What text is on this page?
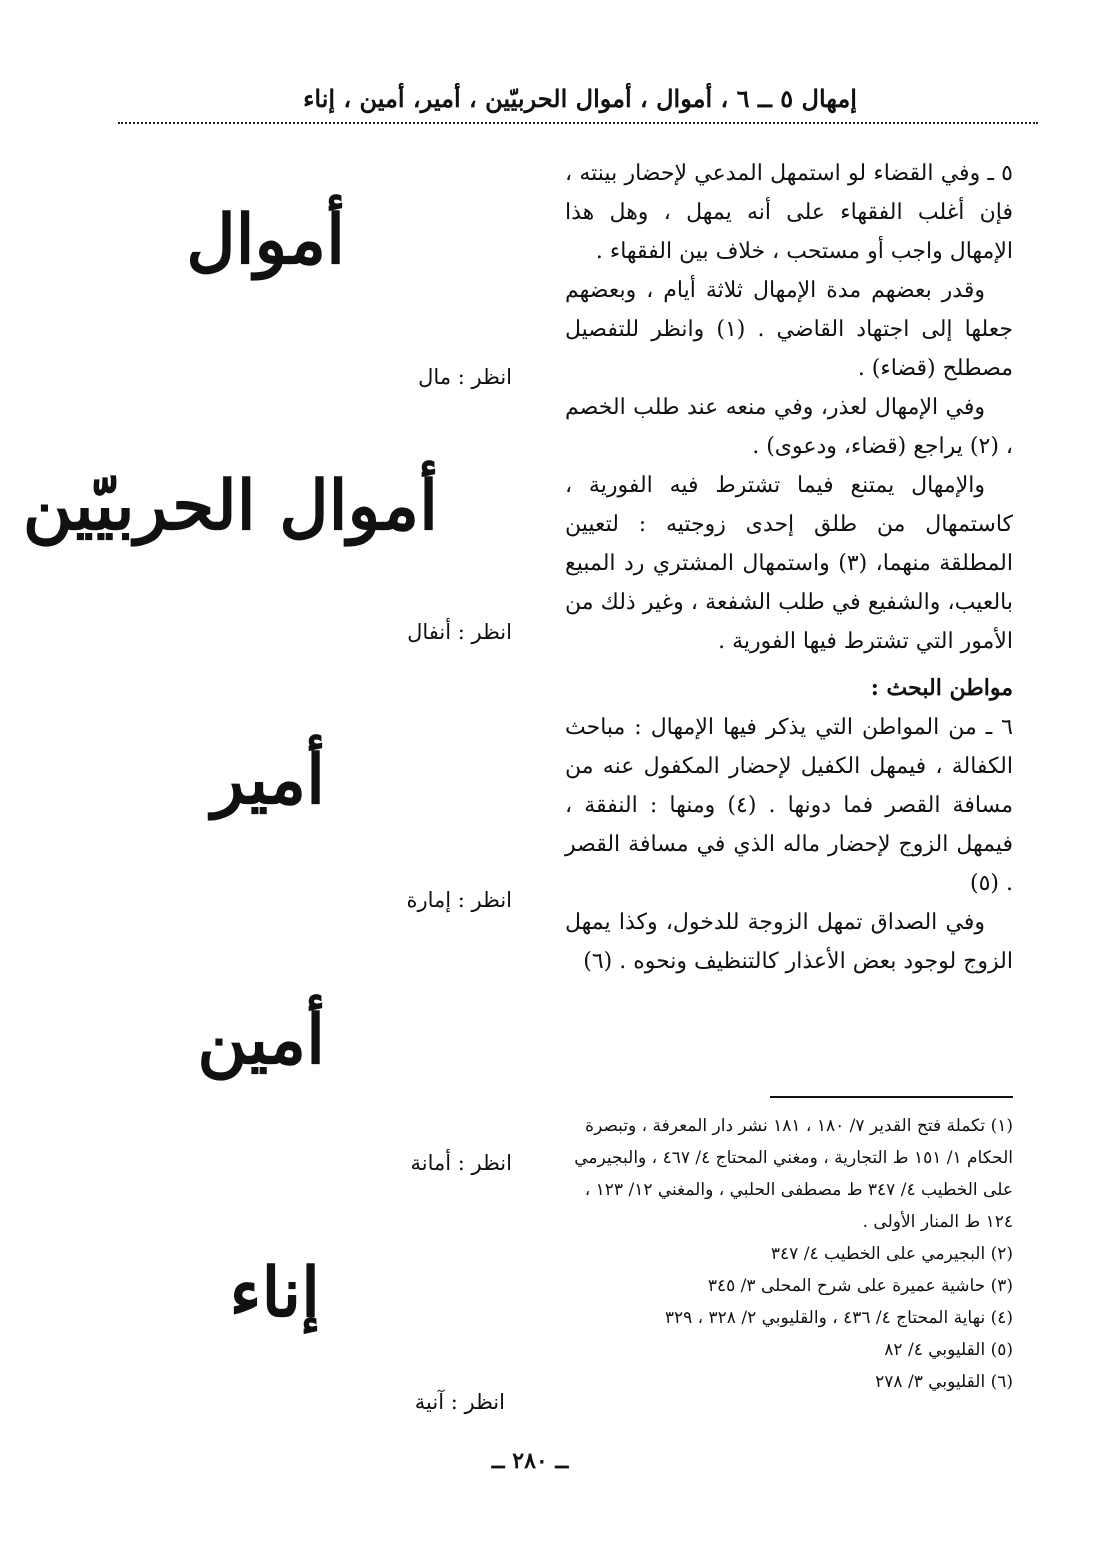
إمهال ٥ ــ ٦ ، أموال ، أموال الحربيّين ، أمير، أمين ، إناء

٥ ـ وفي القضاء لو استمهل المدعي لإحضار بينته ، فإن أغلب الفقهاء على أنه يمهل ، وهل هذا الإمهال واجب أو مستحب ، خلاف بين الفقهاء .

وقدر بعضهم مدة الإمهال ثلاثة أيام ، وبعضهم جعلها إلى اجتهاد القاضي . (١) وانظر للتفصيل مصطلح (قضاء) .

وفي الإمهال لعذر، وفي منعه عند طلب الخصم ، (٢) يراجع (قضاء، ودعوى) .

والإمهال يمتنع فيما تشترط فيه الفورية ، كاستمهال من طلق إحدى زوجتيه : لتعيين المطلقة منهما، (٣) واستمهال المشتري رد المبيع بالعيب، والشفيع في طلب الشفعة ، وغير ذلك من الأمور التي تشترط فيها الفورية .

مواطن البحث :

٦ ـ من المواطن التي يذكر فيها الإمهال : مباحث الكفالة ، فيمهل الكفيل لإحضار المكفول عنه من مسافة القصر فما دونها . (٤) ومنها : النفقة ، فيمهل الزوج لإحضار ماله الذي في مسافة القصر . (٥)

وفي الصداق تمهل الزوجة للدخول، وكذا يمهل الزوج لوجود بعض الأعذار كالتنظيف ونحوه . (٦)

أموال
انظر : مال
أموال الحربيّين
انظر : أنفال
أمير
انظر : إمارة
أمين
انظر : أمانة
إناء
انظر : آنية

(١) تكملة فتح القدير ٧/ ١٨٠ ، ١٨١ نشر دار المعرفة ، وتبصرة الحكام ١/ ١٥١ ط التجارية ، ومغني المحتاج ٤/ ٤٦٧ ، والبجيرمي على الخطيب ٤/ ٣٤٧ ط مصطفى الحلبي ، والمغني ١٢/ ١٢٣ ، ١٢٤ ط المنار الأولى .

(٢) البجيرمي على الخطيب ٤/ ٣٤٧

(٣) حاشية عميرة على شرح المحلى ٣/ ٣٤٥

(٤) نهاية المحتاج ٤/ ٤٣٦ ، والقليوبي ٢/ ٣٢٨ ، ٣٢٩

(٥) القليوبي ٤/ ٨٢

(٦) القليوبي ٣/ ٢٧٨

ــ ٢٨٠ ــ
